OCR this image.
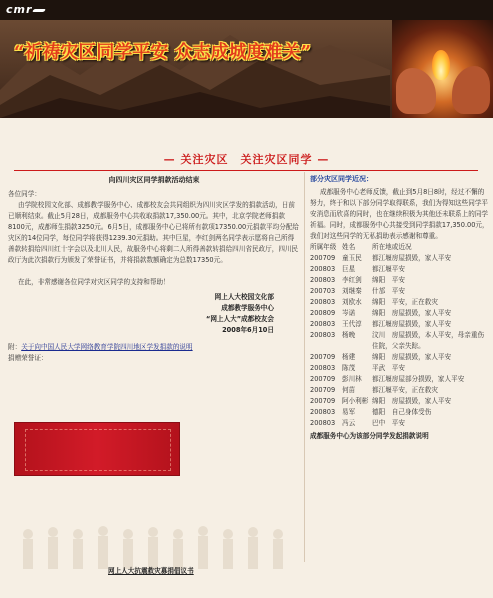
cmr
“祈祷灾区同学平安 众志成城度难关”
— 关注灾区　关注灾区同学 —
向四川灾区同学捐款活动结束

各位同学：

由学院校园文化部、成都教学服务中心、成都校友会共同组织为四川灾区学发的捐款活动，日前已顺利结束。截止5月28日，成都服务中心共收取捐款17,350.00元。其中，北京学院老师捐款8100元，成都师生捐款3250元。6月5日，成都服务中心已将所有款项17350.00元捐款平均分配给灾区的14位同学，每位同学将获得1239.30元捐助。其中巨星，李红剑两名同学表示愿将自己所得善款转捐给四川红十字会以及北川人民，故服务中心将剩二人所得善款转捐给四川省民政厅，四川民政厅为此次捐款行为颁发了荣誉证书，并将捐款数额确定为总数17350元。

在此，非常感谢各位同学对灾区同学的支持和帮助！

网上人大校园文化部
成都教学服务中心
“网上人大”成都校友会
2008年6月10日
附：关于向中国人民大学网络教育学院四川地区学发捐款的说明
捐赠荣誉证：
网上人大抗震救灾募捐倡议书
部分灾区同学近况：

成都服务中心老师反馈，截止到5月8日8时，经过不懈的努力，终于和以下部分同学取得联系，我们为得知这些同学平安消息而欣喜的同时，也在继续积极为其他还未联系上的同学祈福。同时，成都服务中心共接受到同学捐款17,350.00元，我们对这些同学的无私捐助表示感谢和尊重。

所属年级	姓名	所在地或近况
200709	童玉民	都江堰房屋损毁，家人平安
200803	巨星	都江堰平安
200803	李红剑	绵阳　平安
200703	刘继秦	什邡　平安
200803	刘欧水	绵阳　平安，正在救灾
200809	岑诺	绵阳　房屋损毁，家人平安
200803	王代淳	都江堰房屋损毁，家人平安
200803	杨晚	汶川　房屋损毁，本人平安，母亲重伤住院，父亲失踪。
200709	杨建	绵阳　房屋损毁，家人平安
200803	陈茂	平武　平安
200709	彭川林	都江堰房屋部分损毁，家人平安
200709	何苗	都江堰平安，正在救灾
200709	阿小利彬	绵阳　房屋损毁，家人平安
200803	易军	德阳　自己身体受伤
200803	冯云	巴中　平安
成都服务中心为该部分同学发起捐款说明
